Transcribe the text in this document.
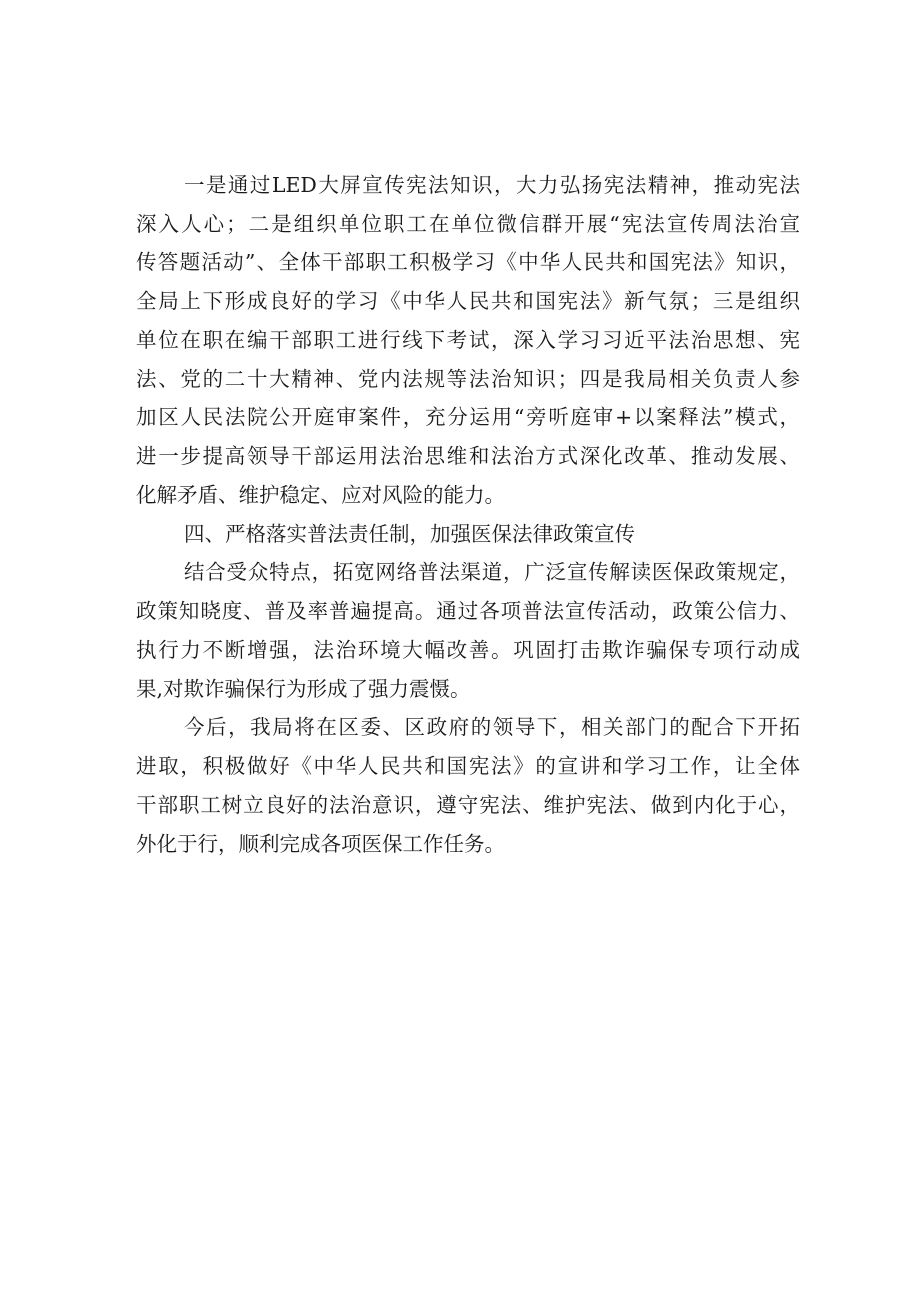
一是通过LED大屏宣传宪法知识，大力弘扬宪法精神，推动宪法
深入人心；二是组织单位职工在单位微信群开展“宪法宣传周法治宣
传答题活动”、全体干部职工积极学习《中华人民共和国宪法》知识，
全局上下形成良好的学习《中华人民共和国宪法》新气氛；三是组织
单位在职在编干部职工进行线下考试，深入学习习近平法治思想、宪
法、党的二十大精神、党内法规等法治知识；四是我局相关负责人参
加区人民法院公开庭审案件，充分运用“旁听庭审+以案释法”模式，
进一步提高领导干部运用法治思维和法治方式深化改革、推动发展、
化解矛盾、维护稳定、应对风险的能力。
四、严格落实普法责任制，加强医保法律政策宣传
结合受众特点，拓宽网络普法渠道，广泛宣传解读医保政策规定，
政策知晓度、普及率普遍提高。通过各项普法宣传活动，政策公信力、
执行力不断增强，法治环境大幅改善。巩固打击欺诈骗保专项行动成
果,对欺诈骗保行为形成了强力震慑。
今后，我局将在区委、区政府的领导下，相关部门的配合下开拓
进取，积极做好《中华人民共和国宪法》的宣讲和学习工作，让全体
干部职工树立良好的法治意识，遵守宪法、维护宪法、做到内化于心，
外化于行，顺利完成各项医保工作任务。
